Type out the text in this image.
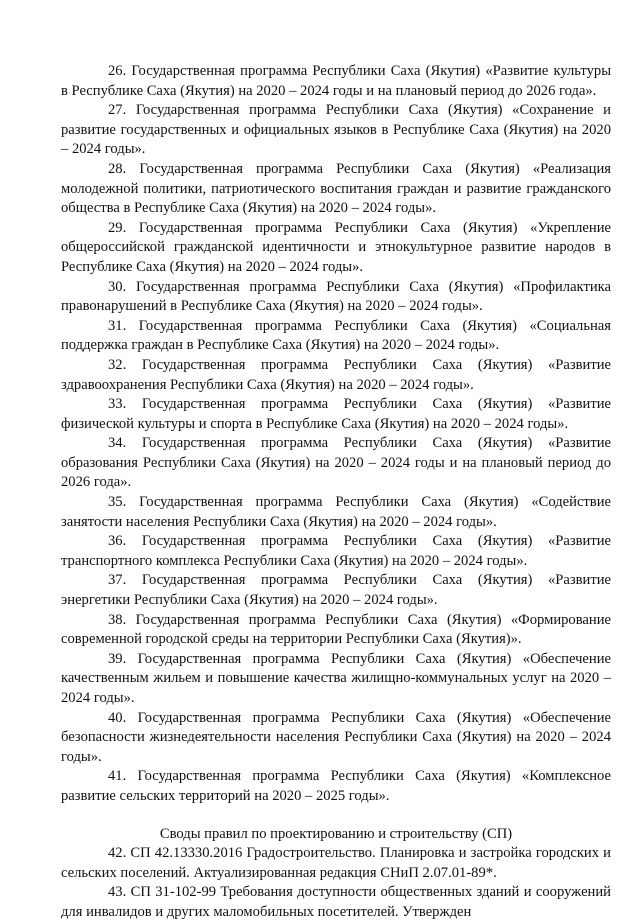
26. Государственная программа Республики Саха (Якутия) «Развитие культуры в Республике Саха (Якутия) на 2020 – 2024 годы и на плановый период до 2026 года».

27. Государственная программа Республики Саха (Якутия) «Сохранение и развитие государственных и официальных языков в Республике Саха (Якутия) на 2020 – 2024 годы».

28. Государственная программа Республики Саха (Якутия) «Реализация молодежной политики, патриотического воспитания граждан и развитие гражданского общества в Республике Саха (Якутия) на 2020 – 2024 годы».

29. Государственная программа Республики Саха (Якутия) «Укрепление общероссийской гражданской идентичности и этнокультурное развитие народов в Республике Саха (Якутия) на 2020 – 2024 годы».

30. Государственная программа Республики Саха (Якутия) «Профилактика правонарушений в Республике Саха (Якутия) на 2020 – 2024 годы».

31. Государственная программа Республики Саха (Якутия) «Социальная поддержка граждан в Республике Саха (Якутия) на 2020 – 2024 годы».

32. Государственная программа Республики Саха (Якутия) «Развитие здравоохранения Республики Саха (Якутия) на 2020 – 2024 годы».

33. Государственная программа Республики Саха (Якутия) «Развитие физической культуры и спорта в Республике Саха (Якутия) на 2020 – 2024 годы».

34. Государственная программа Республики Саха (Якутия) «Развитие образования Республики Саха (Якутия) на 2020 – 2024 годы и на плановый период до 2026 года».

35. Государственная программа Республики Саха (Якутия) «Содействие занятости населения Республики Саха (Якутия) на 2020 – 2024 годы».

36. Государственная программа Республики Саха (Якутия) «Развитие транспортного комплекса Республики Саха (Якутия) на 2020 – 2024 годы».

37. Государственная программа Республики Саха (Якутия) «Развитие энергетики Республики Саха (Якутия) на 2020 – 2024 годы».

38. Государственная программа Республики Саха (Якутия) «Формирование современной городской среды на территории Республики Саха (Якутия)».

39. Государственная программа Республики Саха (Якутия) «Обеспечение качественным жильем и повышение качества жилищно-коммунальных услуг на 2020 – 2024 годы».

40. Государственная программа Республики Саха (Якутия) «Обеспечение безопасности жизнедеятельности населения Республики Саха (Якутия) на 2020 – 2024 годы».

41. Государственная программа Республики Саха (Якутия) «Комплексное развитие сельских территорий на 2020 – 2025 годы».

Своды правил по проектированию и строительству (СП)

42. СП 42.13330.2016 Градостроительство. Планировка и застройка городских и сельских поселений. Актуализированная редакция СНиП 2.07.01-89*.

43. СП 31-102-99 Требования доступности общественных зданий и сооружений для инвалидов и других маломобильных посетителей. Утвержден
